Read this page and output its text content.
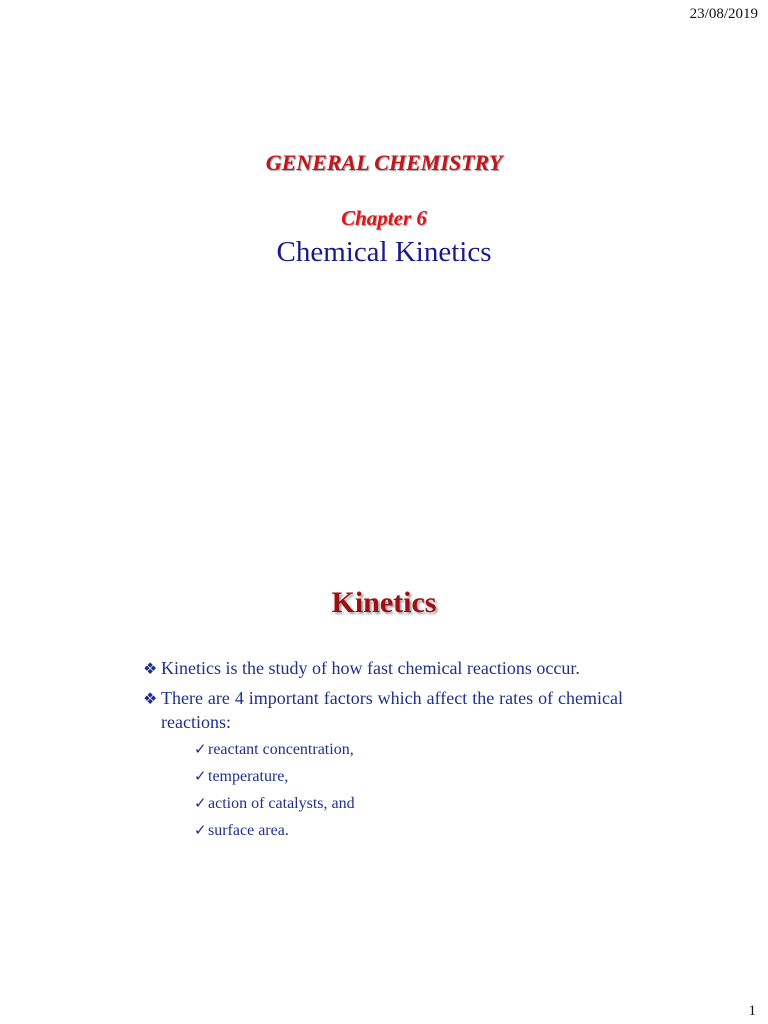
23/08/2019
GENERAL CHEMISTRY
Chapter 6
Chemical Kinetics
Kinetics
❖ Kinetics is the study of how fast chemical reactions occur.
❖ There are 4 important factors which affect the rates of chemical reactions:
✓ reactant concentration,
✓ temperature,
✓ action of catalysts, and
✓ surface area.
1
